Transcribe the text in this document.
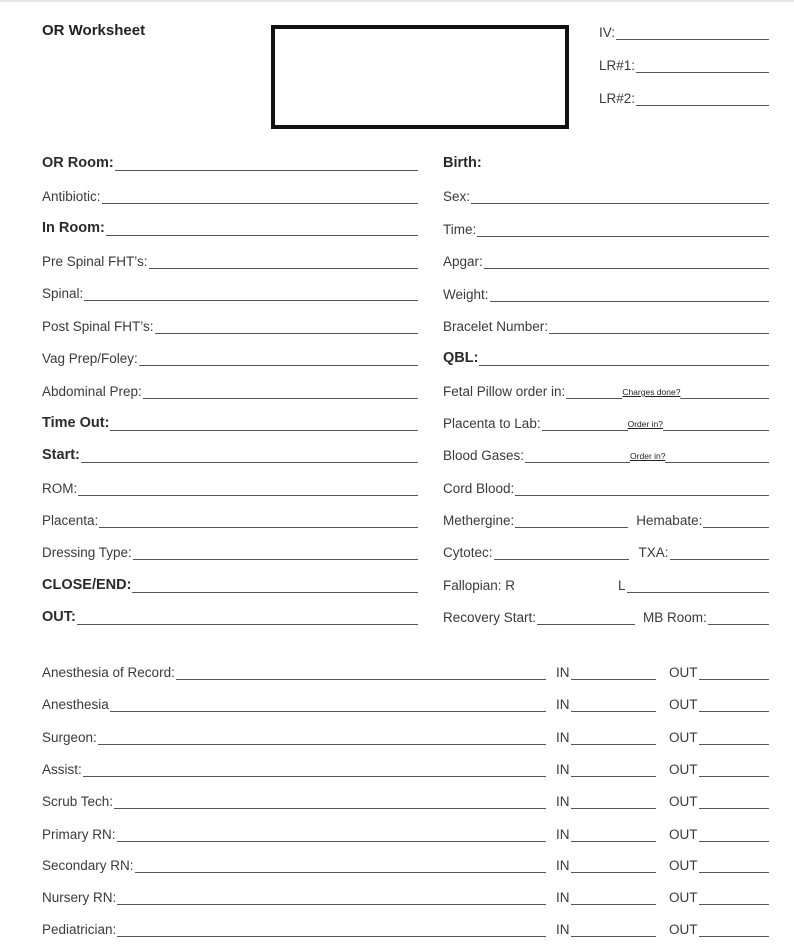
OR Worksheet	IV:
LR#1:
LR#2:
OR Room:
Antibiotic:
In Room:
Pre Spinal FHT’s:
Spinal:
Post Spinal FHT’s:
Vag Prep/Foley:
Abdominal Prep:
Time Out:
Start:
ROM:
Placenta:
Dressing Type:
CLOSE/END:
OUT:
Birth:
Sex:
Time:
Apgar:
Weight:
Bracelet Number:
QBL:
Fetal Pillow order in:	Charges done?
Placenta to Lab:	Order in?
Blood Gases:	Order in?
Cord Blood:
Methergine:	Hemabate:
Cytotec:	TXA:
Fallopian: R	L
Recovery Start:	MB Room:
Anesthesia of Record:	IN	OUT
Anesthesia	IN	OUT
Surgeon:	IN	OUT
Assist:	IN	OUT
Scrub Tech:	IN	OUT
Primary RN:	IN	OUT
Secondary RN:	IN	OUT
Nursery RN:	IN	OUT
Pediatrician:	IN	OUT
